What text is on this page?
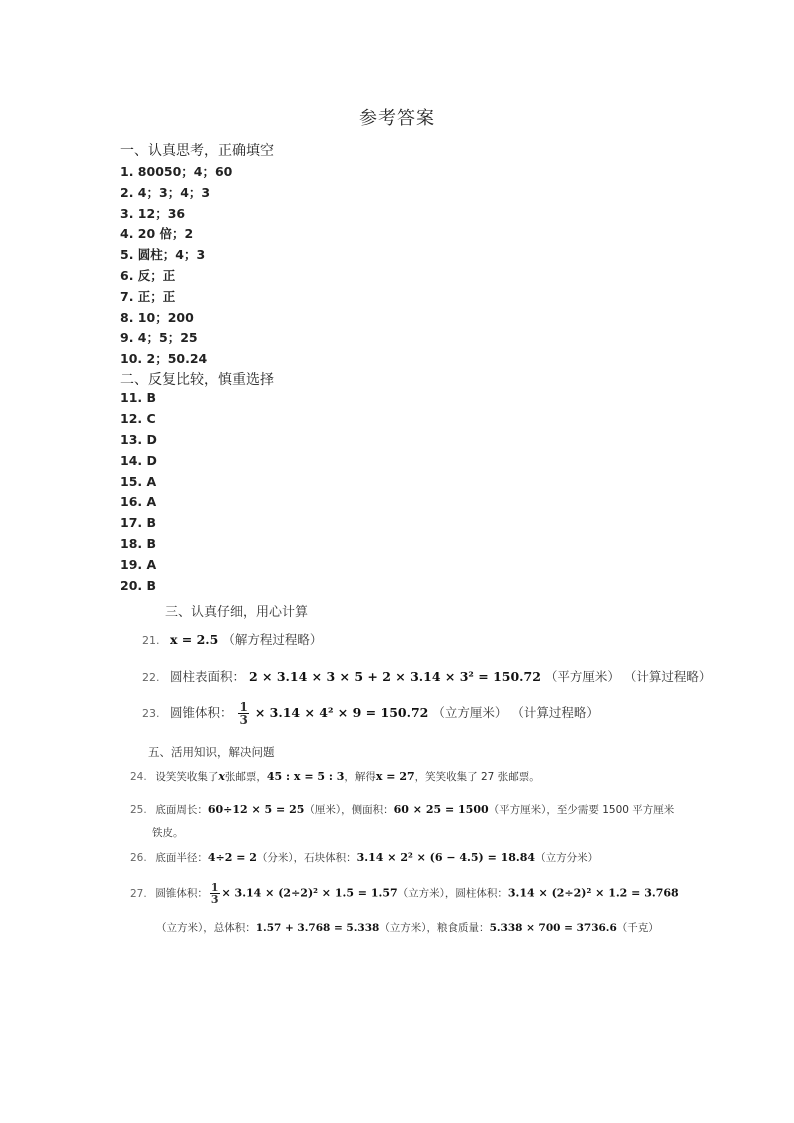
参考答案
一、认真思考，正确填空
1. 80050；4；60
2. 4；3；4；3
3. 12；36
4. 20 倍；2
5. 圆柱；4；3
6. 反；正
7. 正；正
8. 10；200
9. 4；5；25
10. 2；50.24
二、反复比较，慎重选择
11. B
12. C
13. D
14. D
15. A
16. A
17. B
18. B
19. A
20. B
三、认真仔细，用心计算
21. x = 2.5 （解方程过程略）
22. 圆柱表面积： 2 × 3.14 × 3 × 5 + 2 × 3.14 × 3² = 150.72 （平方厘米） （计算过程略）
23. 圆锥体积： $\frac{1}{3} \times 3.14 \times 4^2 \times 9 = 150.72$ （立方厘米） （计算过程略）
五、活用知识，解决问题
24. 设笑笑收集了x张邮票，45 : x = 5 : 3，解得x = 27，笑笑收集了 27 张邮票。
25. 底面周长：60÷12 × 5 = 25（厘米），侧面积：60 × 25 = 1500（平方厘米），至少需要 1500 平方厘米
铁皮。
26. 底面半径：4÷2 = 2（分米），石块体积：3.14 × 2² × (6 − 4.5) = 18.84（立方分米）
27. 圆锥体积： $\frac{1}{3} \times 3.14 \times (2\div 2)^2 \times 1.5 = 1.57$（立方米），圆柱体积：3.14 × (2÷2)² × 1.2 = 3.768
（立方米），总体积：1.57 + 3.768 = 5.338（立方米），粮食质量：5.338 × 700 = 3736.6（千克）
